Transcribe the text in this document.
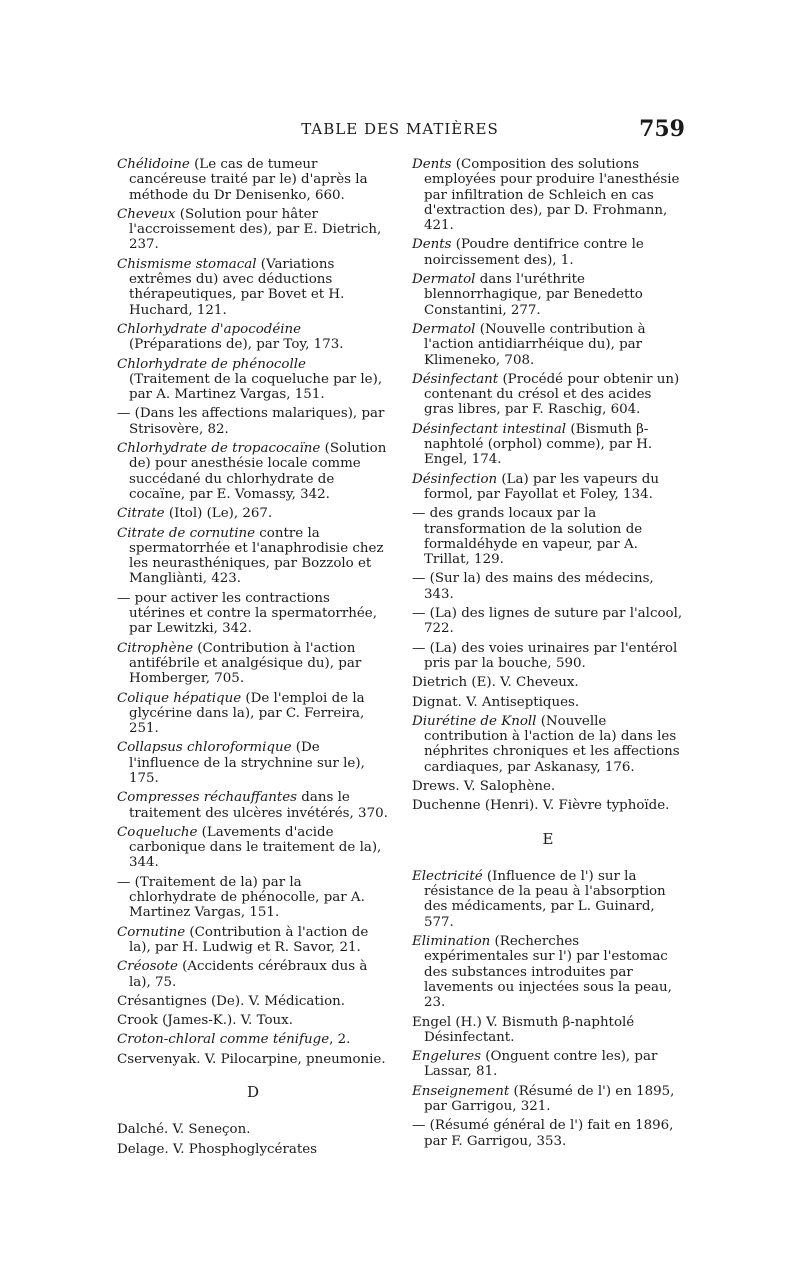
TABLE DES MATIÈRES	759

Chélidoine (Le cas de tumeur cancéreuse traité par le) d'après la méthode du Dr Denisenko, 660.

Cheveux (Solution pour hâter l'accroissement des), par E. Dietrich, 237.

Chismisme stomacal (Variations extrêmes du) avec déductions thérapeutiques, par Bovet et H. Huchard, 121.

Chlorhydrate d'apocodéine (Préparations de), par Toy, 173.

Chlorhydrate de phénocolle (Traitement de la coqueluche par le), par A. Martinez Vargas, 151.

— (Dans les affections malariques), par Strisovère, 82.

Chlorhydrate de tropacocaïne (Solution de) pour anesthésie locale comme succédané du chlorhydrate de cocaïne, par E. Vomassy, 342.

Citrate (Itol) (Le), 267.

Citrate de cornutine contre la spermatorrhée et l'anaphrodisie chez les neurasthéniques, par Bozzolo et Mangliànti, 423.

— pour activer les contractions utérines et contre la spermatorrhée, par Lewitzki, 342.

Citrophène (Contribution à l'action antifébrile et analgésique du), par Homberger, 705.

Colique hépatique (De l'emploi de la glycérine dans la), par C. Ferreira, 251.

Collapsus chloroformique (De l'influence de la strychnine sur le), 175.

Compresses réchauffantes dans le traitement des ulcères invétérés, 370.

Coqueluche (Lavements d'acide carbonique dans le traitement de la), 344.

— (Traitement de la) par la chlorhydrate de phénocolle, par A. Martinez Vargas, 151.

Cornutine (Contribution à l'action de la), par H. Ludwig et R. Savor, 21.

Créosote (Accidents cérébraux dus à la), 75.

Crésantignes (De). V. Médication.

Crook (James-K.). V. Toux.

Croton-chloral comme ténifuge, 2.

Cservenyak. V. Pilocarpine, pneumonie.

D

Dalché. V. Seneçon.

Delage. V. Phosphoglycérates

Dents (Composition des solutions employées pour produire l'anesthésie par infiltration de Schleich en cas d'extraction des), par D. Frohmann, 421.

Dents (Poudre dentifrice contre le noircissement des), 1.

Dermatol dans l'uréthrite blennorrhagique, par Benedetto Constantini, 277.

Dermatol (Nouvelle contribution à l'action antidiarrhéique du), par Klimeneko, 708.

Désinfectant (Procédé pour obtenir un) contenant du crésol et des acides gras libres, par F. Raschig, 604.

Désinfectant intestinal (Bismuth β-naphtolé (orphol) comme), par H. Engel, 174.

Désinfection (La) par les vapeurs du formol, par Fayollat et Foley, 134.

— des grands locaux par la transformation de la solution de formaldéhyde en vapeur, par A. Trillat, 129.

— (Sur la) des mains des médecins, 343.

— (La) des lignes de suture par l'alcool, 722.

— (La) des voies urinaires par l'entérol pris par la bouche, 590.

Dietrich (E). V. Cheveux.

Dignat. V. Antiseptiques.

Diurétine de Knoll (Nouvelle contribution à l'action de la) dans les néphrites chroniques et les affections cardiaques, par Askanasy, 176.

Drews. V. Salophène.

Duchenne (Henri). V. Fièvre typhoïde.

E

Electricité (Influence de l') sur la résistance de la peau à l'absorption des médicaments, par L. Guinard, 577.

Elimination (Recherches expérimentales sur l') par l'estomac des substances introduites par lavements ou injectées sous la peau, 23.

Engel (H.) V. Bismuth β-naphtolé Désinfectant.

Engelures (Onguent contre les), par Lassar, 81.

Enseignement (Résumé de l') en 1895, par Garrigou, 321.

— (Résumé général de l') fait en 1896, par F. Garrigou, 353.
